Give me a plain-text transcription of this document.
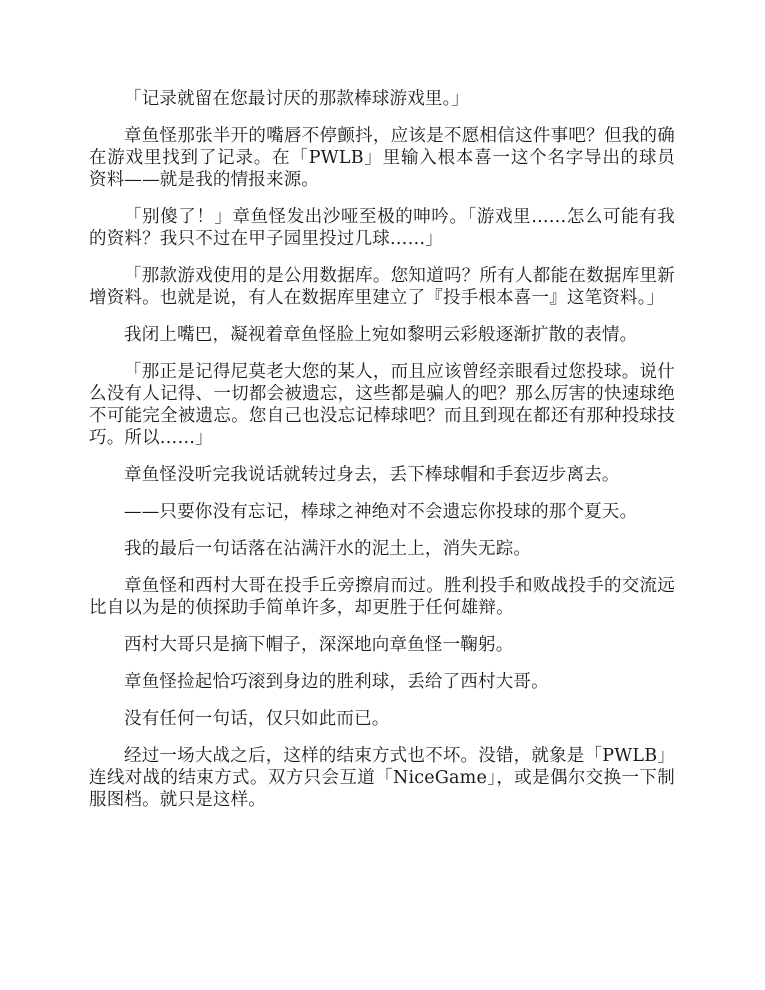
「记录就留在您最讨厌的那款棒球游戏里。」

章鱼怪那张半开的嘴唇不停颤抖，应该是不愿相信这件事吧？但我的确在游戏里找到了记录。在「PWLB」里输入根本喜一这个名字导出的球员资料——就是我的情报来源。

「别傻了！」章鱼怪发出沙哑至极的呻吟。「游戏里……怎么可能有我的资料？我只不过在甲子园里投过几球……」

「那款游戏使用的是公用数据库。您知道吗？所有人都能在数据库里新增资料。也就是说，有人在数据库里建立了『投手根本喜一』这笔资料。」

我闭上嘴巴，凝视着章鱼怪脸上宛如黎明云彩般逐渐扩散的表情。

「那正是记得尼莫老大您的某人，而且应该曾经亲眼看过您投球。说什么没有人记得、一切都会被遗忘，这些都是骗人的吧？那么厉害的快速球绝不可能完全被遗忘。您自己也没忘记棒球吧？而且到现在都还有那种投球技巧。所以……」

章鱼怪没听完我说话就转过身去，丢下棒球帽和手套迈步离去。

——只要你没有忘记，棒球之神绝对不会遗忘你投球的那个夏天。

我的最后一句话落在沾满汗水的泥土上，消失无踪。

章鱼怪和西村大哥在投手丘旁擦肩而过。胜利投手和败战投手的交流远比自以为是的侦探助手简单许多，却更胜于任何雄辩。

西村大哥只是摘下帽子，深深地向章鱼怪一鞠躬。

章鱼怪捡起恰巧滚到身边的胜利球，丢给了西村大哥。

没有任何一句话，仅只如此而已。

经过一场大战之后，这样的结束方式也不坏。没错，就象是「PWLB」连线对战的结束方式。双方只会互道「NiceGame」，或是偶尔交换一下制服图档。就只是这样。
